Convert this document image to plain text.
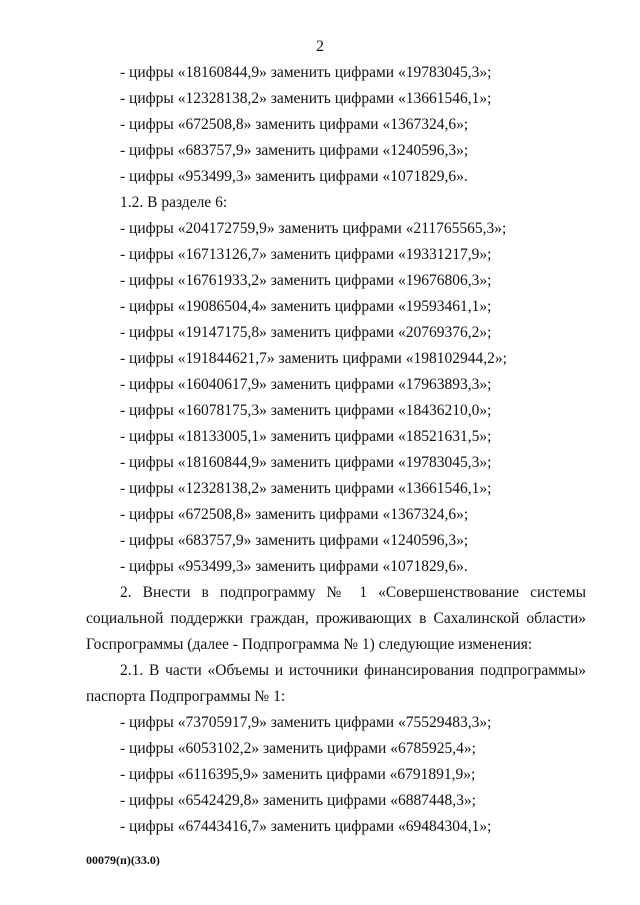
2
- цифры «18160844,9» заменить цифрами «19783045,3»;
- цифры «12328138,2» заменить цифрами «13661546,1»;
- цифры «672508,8» заменить цифрами «1367324,6»;
- цифры «683757,9» заменить цифрами «1240596,3»;
- цифры «953499,3» заменить цифрами «1071829,6».
1.2. В разделе 6:
- цифры «204172759,9» заменить цифрами «211765565,3»;
- цифры «16713126,7» заменить цифрами «19331217,9»;
- цифры «16761933,2» заменить цифрами «19676806,3»;
- цифры «19086504,4» заменить цифрами «19593461,1»;
- цифры «19147175,8» заменить цифрами «20769376,2»;
- цифры «191844621,7» заменить цифрами «198102944,2»;
- цифры «16040617,9» заменить цифрами «17963893,3»;
- цифры «16078175,3» заменить цифрами «18436210,0»;
- цифры «18133005,1» заменить цифрами «18521631,5»;
- цифры «18160844,9» заменить цифрами «19783045,3»;
- цифры «12328138,2» заменить цифрами «13661546,1»;
- цифры «672508,8» заменить цифрами «1367324,6»;
- цифры «683757,9» заменить цифрами «1240596,3»;
- цифры «953499,3» заменить цифрами «1071829,6».
2. Внести в подпрограмму № 1 «Совершенствование системы
социальной поддержки граждан, проживающих в Сахалинской области»
Госпрограммы (далее - Подпрограмма № 1) следующие изменения:
2.1. В части «Объемы и источники финансирования подпрограммы»
паспорта Подпрограммы № 1:
- цифры «73705917,9» заменить цифрами «75529483,3»;
- цифры «6053102,2» заменить цифрами «6785925,4»;
- цифры «6116395,9» заменить цифрами «6791891,9»;
- цифры «6542429,8» заменить цифрами «6887448,3»;
- цифры «67443416,7» заменить цифрами «69484304,1»;
00079(п)(33.0)
